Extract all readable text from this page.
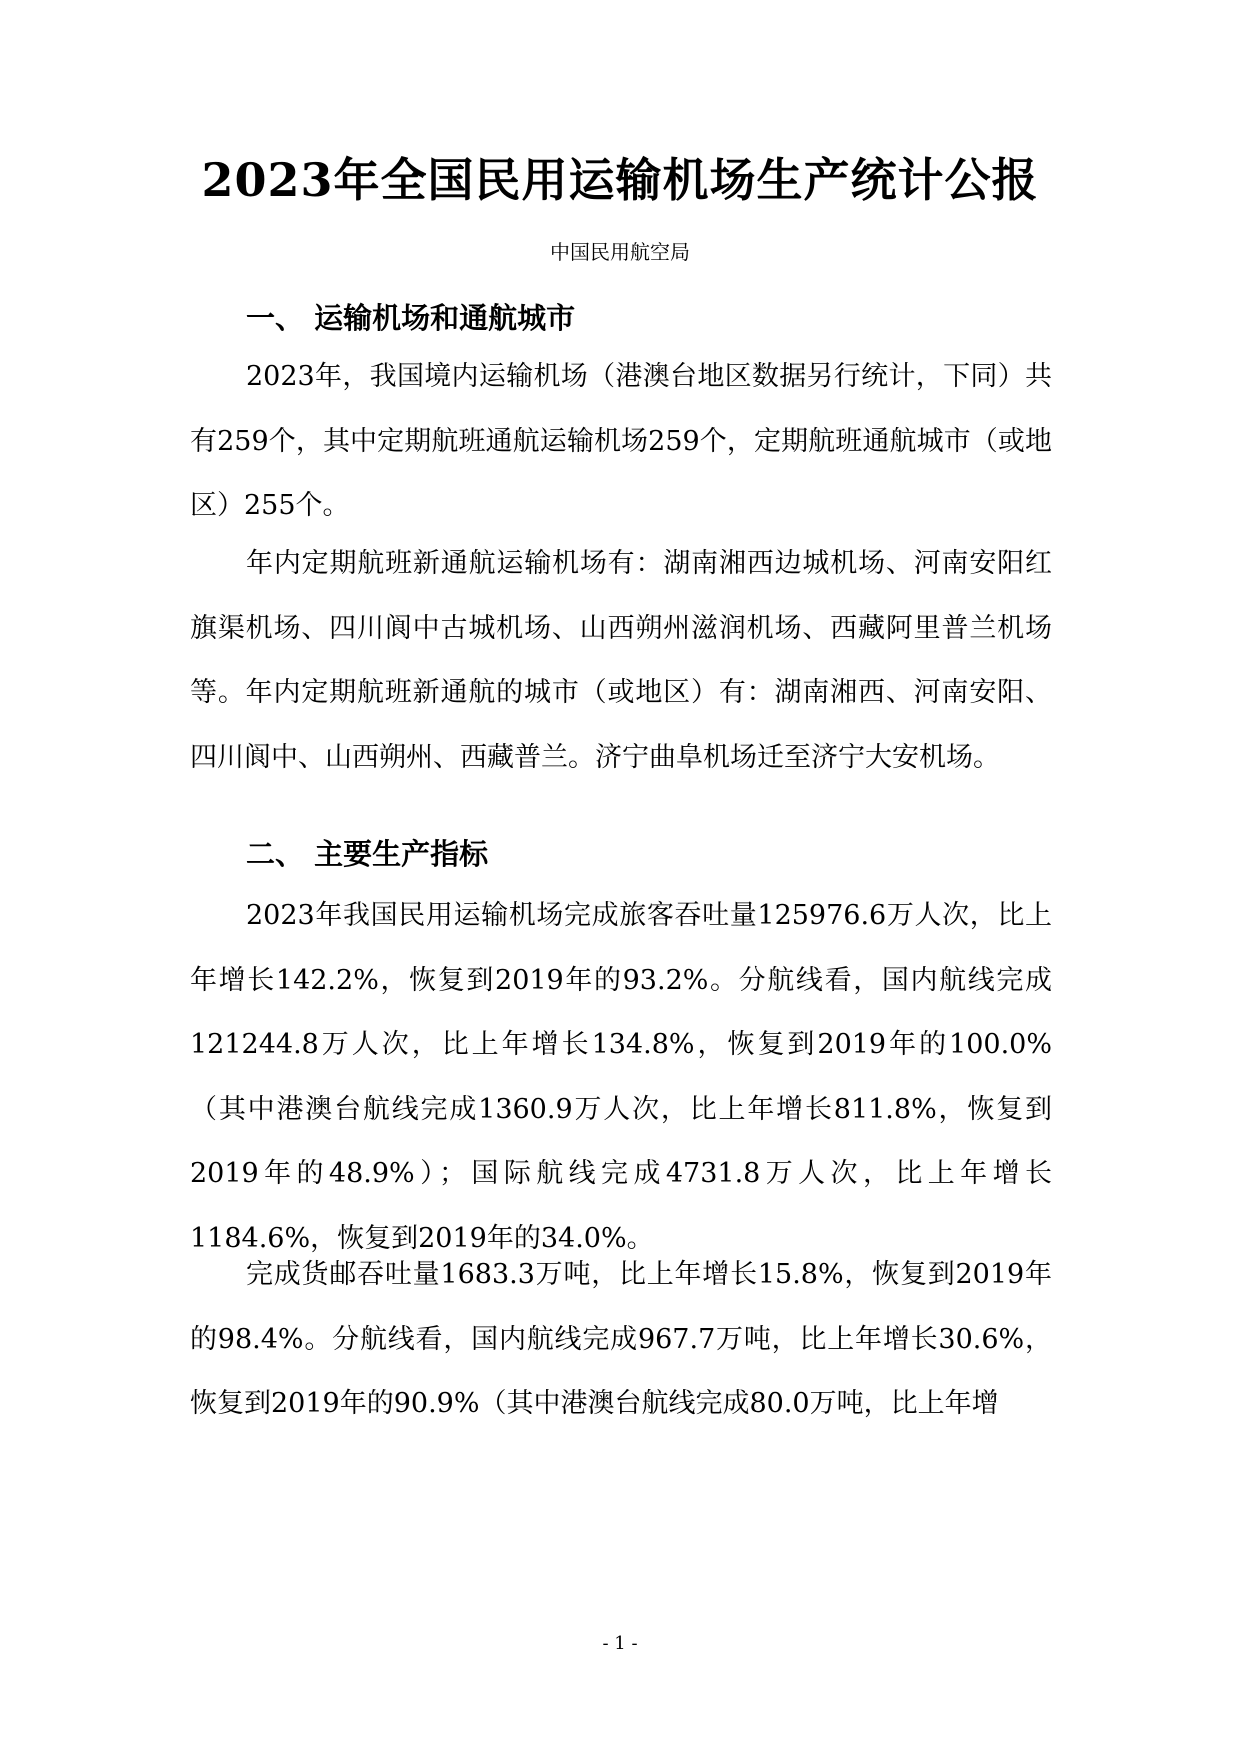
2023年全国民用运输机场生产统计公报
中国民用航空局
一、 运输机场和通航城市

2023年，我国境内运输机场（港澳台地区数据另行统计，下同）共有259个，其中定期航班通航运输机场259个，定期航班通航城市（或地区）255个。

年内定期航班新通航运输机场有：湖南湘西边城机场、河南安阳红旗渠机场、四川阆中古城机场、山西朔州滋润机场、西藏阿里普兰机场等。年内定期航班新通航的城市（或地区）有：湖南湘西、河南安阳、四川阆中、山西朔州、西藏普兰。济宁曲阜机场迁至济宁大安机场。

二、 主要生产指标

2023年我国民用运输机场完成旅客吞吐量125976.6万人次，比上年增长142.2%，恢复到2019年的93.2%。分航线看，国内航线完成121244.8万人次，比上年增长134.8%，恢复到2019年的100.0%（其中港澳台航线完成1360.9万人次，比上年增长811.8%，恢复到2019年的48.9%）；国际航线完成4731.8万人次，比上年增长1184.6%，恢复到2019年的34.0%。

完成货邮吞吐量1683.3万吨，比上年增长15.8%，恢复到2019年的98.4%。分航线看，国内航线完成967.7万吨，比上年增长30.6%，恢复到2019年的90.9%（其中港澳台航线完成80.0万吨，比上年增

- 1 -
